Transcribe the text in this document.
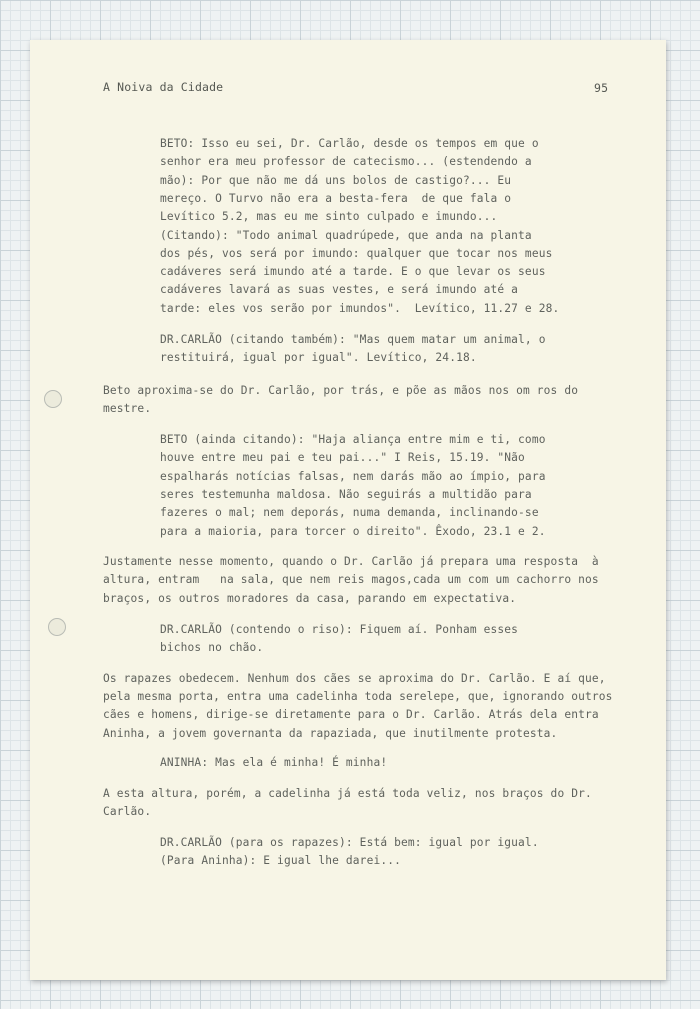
A Noiva da Cidade	95
BETO: Isso eu sei, Dr. Carlão, desde os tempos em que o
senhor era meu professor de catecismo... (estendendo a
mão): Por que não me dá uns bolos de castigo?... Eu
mereço. O Turvo não era a besta-fera  de que fala o
Levítico 5.2, mas eu me sinto culpado e imundo...
(Citando): "Todo animal quadrúpede, que anda na planta
dos pés, vos será por imundo: qualquer que tocar nos meus
cadáveres será imundo até a tarde. E o que levar os seus
cadáveres lavará as suas vestes, e será imundo até a
tarde: eles vos serão por imundos".  Levítico, 11.27 e 28.
DR.CARLÃO (citando também): "Mas quem matar um animal, o
restituirá, igual por igual". Levítico, 24.18.
Beto aproxima-se do Dr. Carlão, por trás, e põe as mãos nos om ros do
mestre.
BETO (ainda citando): "Haja aliança entre mim e ti, como
houve entre meu pai e teu pai..." I Reis, 15.19. "Não
espalharás notícias falsas, nem darás mão ao ímpio, para
seres testemunha maldosa. Não seguirás a multidão para
fazeres o mal; nem deporás, numa demanda, inclinando-se
para a maioria, para torcer o direito". Êxodo, 23.1 e 2.
Justamente nesse momento, quando o Dr. Carlão já prepara uma resposta  à
altura, entram   na sala, que nem reis magos,cada um com um cachorro nos
braços, os outros moradores da casa, parando em expectativa.
DR.CARLÃO (contendo o riso): Fiquem aí. Ponham esses
bichos no chão.
Os rapazes obedecem. Nenhum dos cães se aproxima do Dr. Carlão. E aí que,
pela mesma porta, entra uma cadelinha toda serelepe, que, ignorando outros
cães e homens, dirige-se diretamente para o Dr. Carlão. Atrás dela entra
Aninha, a jovem governanta da rapaziada, que inutilmente protesta.
ANINHA: Mas ela é minha! É minha!
A esta altura, porém, a cadelinha já está toda veliz, nos braços do Dr.
Carlão.
DR.CARLÃO (para os rapazes): Está bem: igual por igual.
(Para Aninha): E igual lhe darei...
